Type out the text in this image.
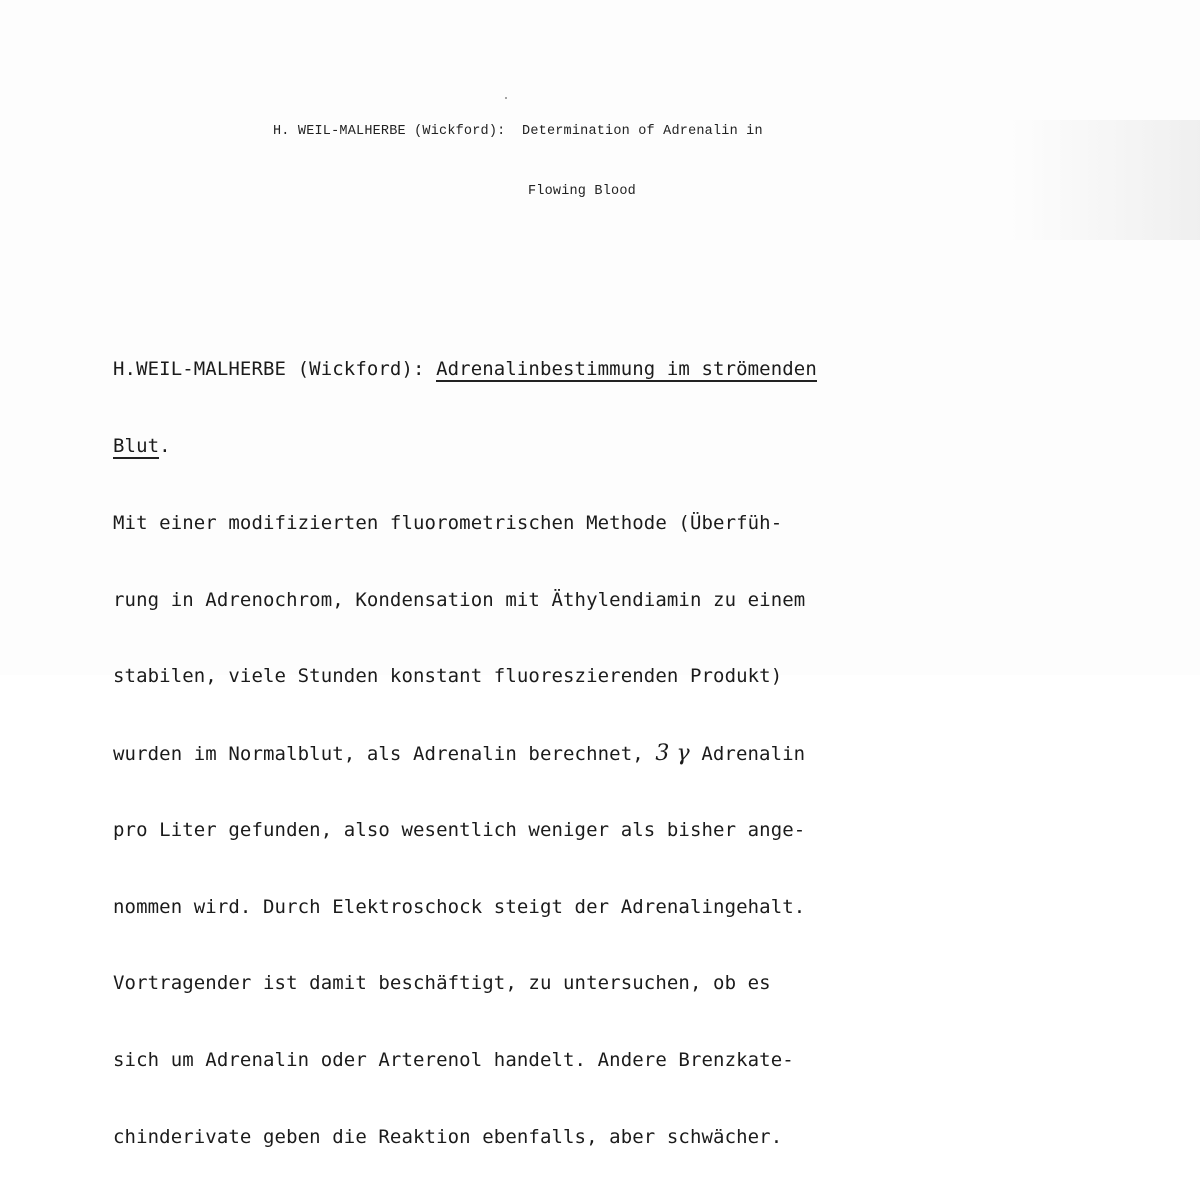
H. WEIL-MALHERBE (Wickford):  Determination of Adrenalin in
Flowing Blood

H.WEIL-MALHERBE (Wickford): Adrenalinbestimmung im strömenden

Blut.

Mit einer modifizierten fluorometrischen Methode (Überfüh-

rung in Adrenochrom, Kondensation mit Äthylendiamin zu einem

stabilen, viele Stunden konstant fluoreszierenden Produkt)

wurden im Normalblut, als Adrenalin berechnet, 3 γ Adrenalin

pro Liter gefunden, also wesentlich weniger als bisher ange-

nommen wird. Durch Elektroschock steigt der Adrenalingehalt.

Vortragender ist damit beschäftigt, zu untersuchen, ob es

sich um Adrenalin oder Arterenol handelt. Andere Brenzkate-

chinderivate geben die Reaktion ebenfalls, aber schwächer.
